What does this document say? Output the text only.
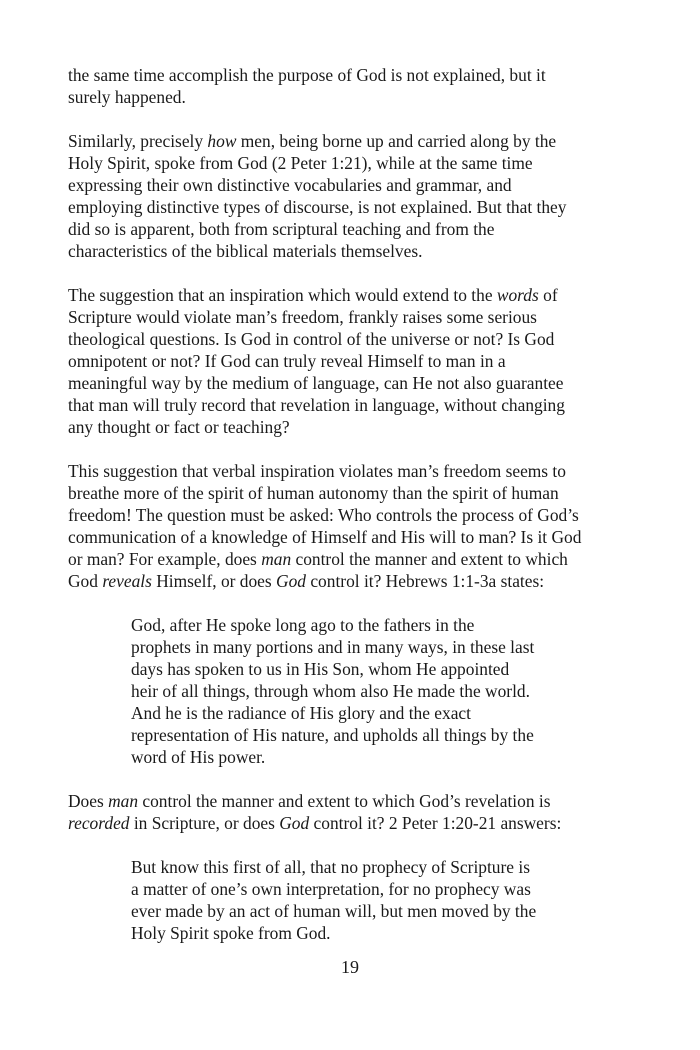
the same time accomplish the purpose of God is not explained, but it
surely happened.
Similarly, precisely how men, being borne up and carried along by the
Holy Spirit, spoke from God (2 Peter 1:21), while at the same time
expressing their own distinctive vocabularies and grammar, and
employing distinctive types of discourse, is not explained. But that they
did so is apparent, both from scriptural teaching and from the
characteristics of the biblical materials themselves.
The suggestion that an inspiration which would extend to the words of
Scripture would violate man’s freedom, frankly raises some serious
theological questions. Is God in control of the universe or not? Is God
omnipotent or not? If God can truly reveal Himself to man in a
meaningful way by the medium of language, can He not also guarantee
that man will truly record that revelation in language, without changing
any thought or fact or teaching?
This suggestion that verbal inspiration violates man’s freedom seems to
breathe more of the spirit of human autonomy than the spirit of human
freedom! The question must be asked: Who controls the process of God’s
communication of a knowledge of Himself and His will to man? Is it God
or man? For example, does man control the manner and extent to which
God reveals Himself, or does God control it? Hebrews 1:1-3a states:
God, after He spoke long ago to the fathers in the
prophets in many portions and in many ways, in these last
days has spoken to us in His Son, whom He appointed
heir of all things, through whom also He made the world.
And he is the radiance of His glory and the exact
representation of His nature, and upholds all things by the
word of His power.
Does man control the manner and extent to which God’s revelation is
recorded in Scripture, or does God control it? 2 Peter 1:20-21 answers:
But know this first of all, that no prophecy of Scripture is
a matter of one’s own interpretation, for no prophecy was
ever made by an act of human will, but men moved by the
Holy Spirit spoke from God.
19
